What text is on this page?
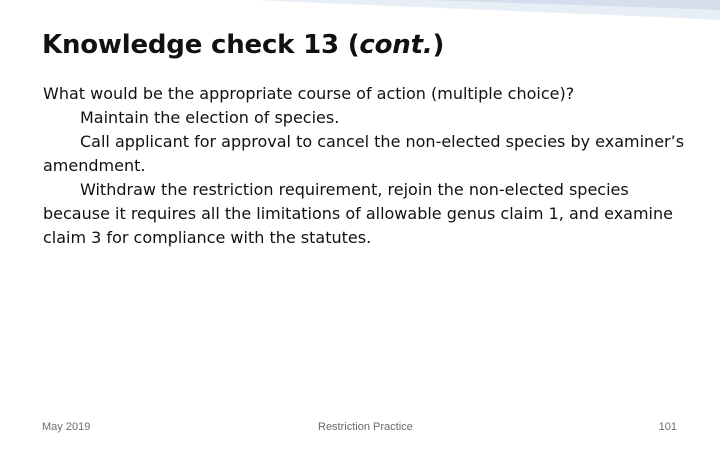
Knowledge check 13 (cont.)

What would be the appropriate course of action (multiple choice)?

Maintain the election of species.

Call applicant for approval to cancel the non-elected species by examiner’s amendment.

Withdraw the restriction requirement, rejoin the non-elected species because it requires all the limitations of allowable genus claim 1, and examine claim 3 for compliance with the statutes.

May 2019	Restriction Practice	101
